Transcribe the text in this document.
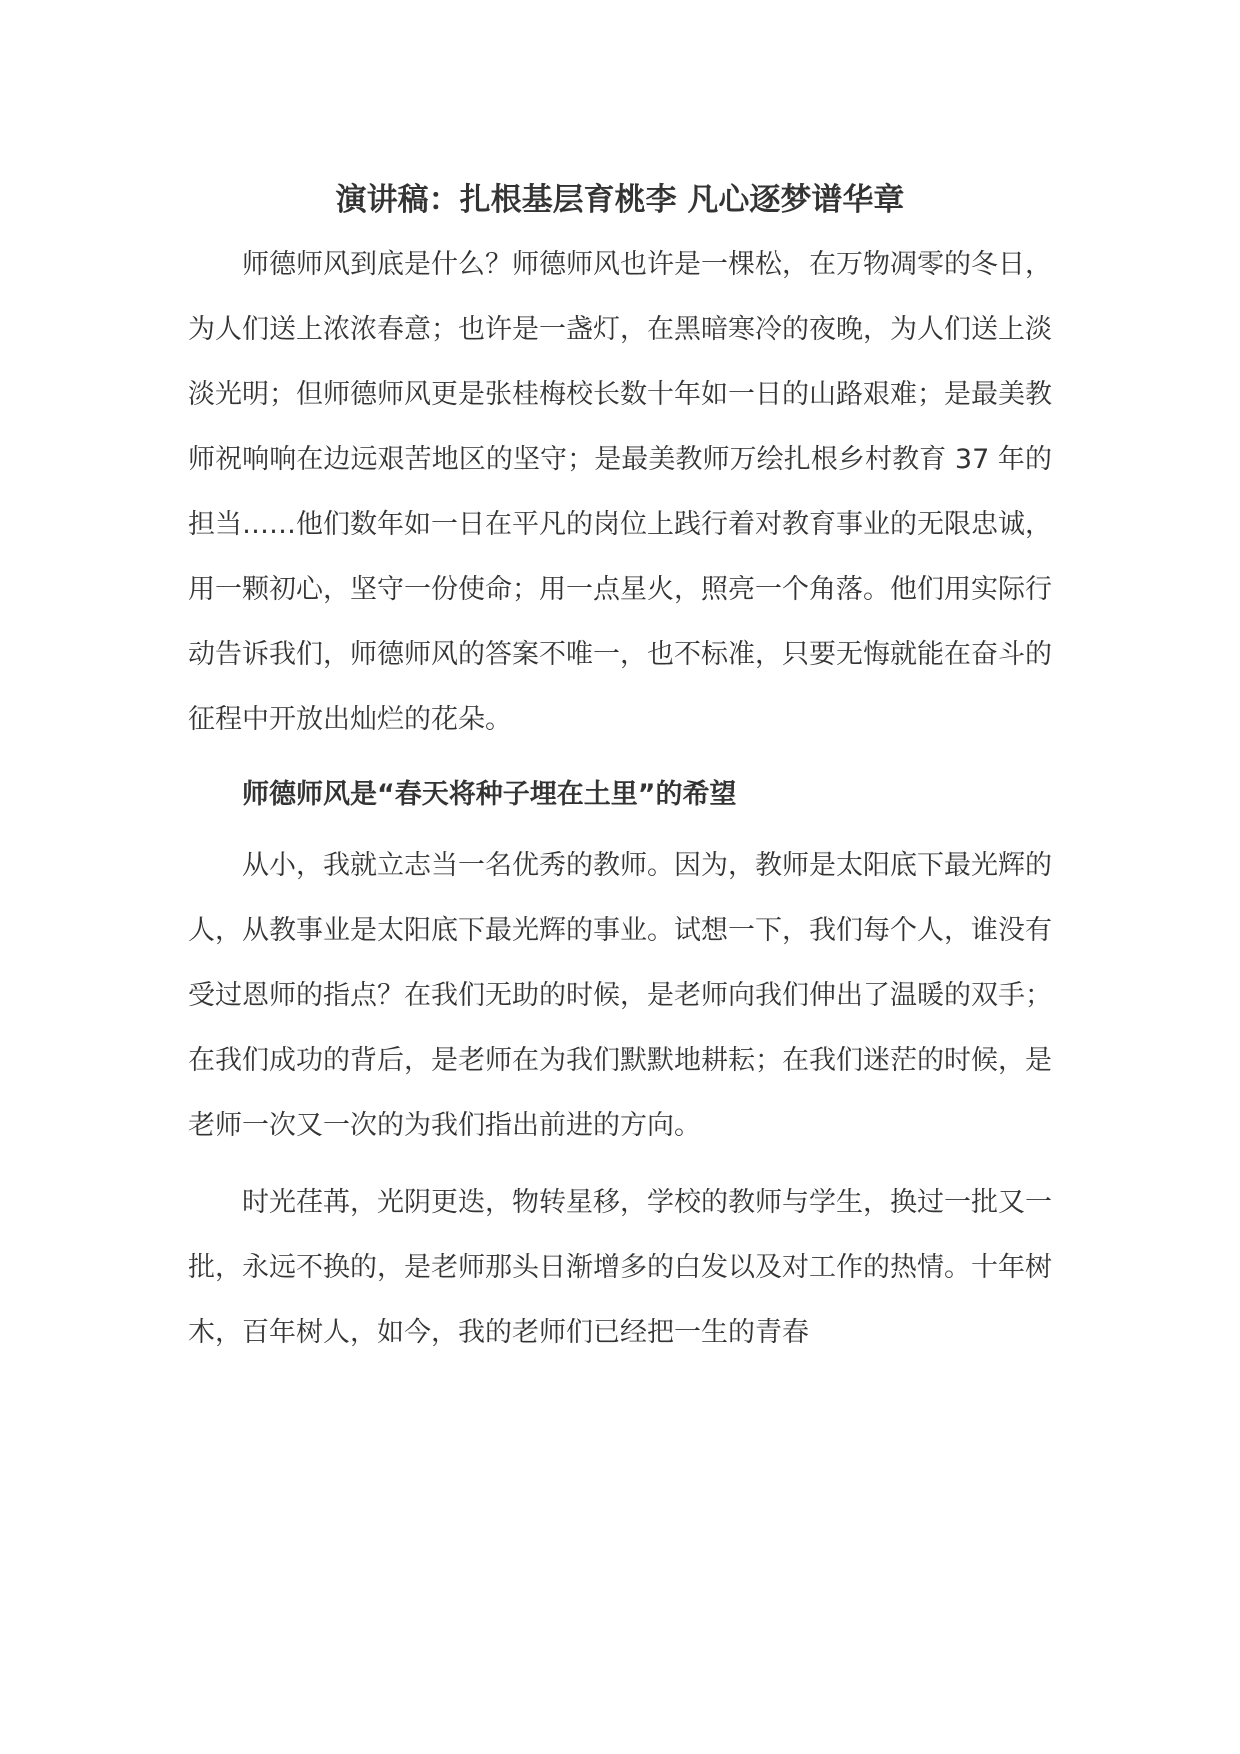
演讲稿：扎根基层育桃李 凡心逐梦谱华章

师德师风到底是什么？师德师风也许是一棵松，在万物凋零的冬日，为人们送上浓浓春意；也许是一盏灯，在黑暗寒冷的夜晚，为人们送上淡淡光明；但师德师风更是张桂梅校长数十年如一日的山路艰难；是最美教师祝响响在边远艰苦地区的坚守；是最美教师万绘扎根乡村教育 37 年的担当……他们数年如一日在平凡的岗位上践行着对教育事业的无限忠诚，用一颗初心，坚守一份使命；用一点星火，照亮一个角落。他们用实际行动告诉我们，师德师风的答案不唯一，也不标准，只要无悔就能在奋斗的征程中开放出灿烂的花朵。

师德师风是“春天将种子埋在土里”的希望

从小，我就立志当一名优秀的教师。因为，教师是太阳底下最光辉的人，从教事业是太阳底下最光辉的事业。试想一下，我们每个人，谁没有受过恩师的指点？在我们无助的时候，是老师向我们伸出了温暖的双手；在我们成功的背后，是老师在为我们默默地耕耘；在我们迷茫的时候，是老师一次又一次的为我们指出前进的方向。

时光荏苒，光阴更迭，物转星移，学校的教师与学生，换过一批又一批，永远不换的，是老师那头日渐增多的白发以及对工作的热情。十年树木，百年树人，如今，我的老师们已经把一生的青春
